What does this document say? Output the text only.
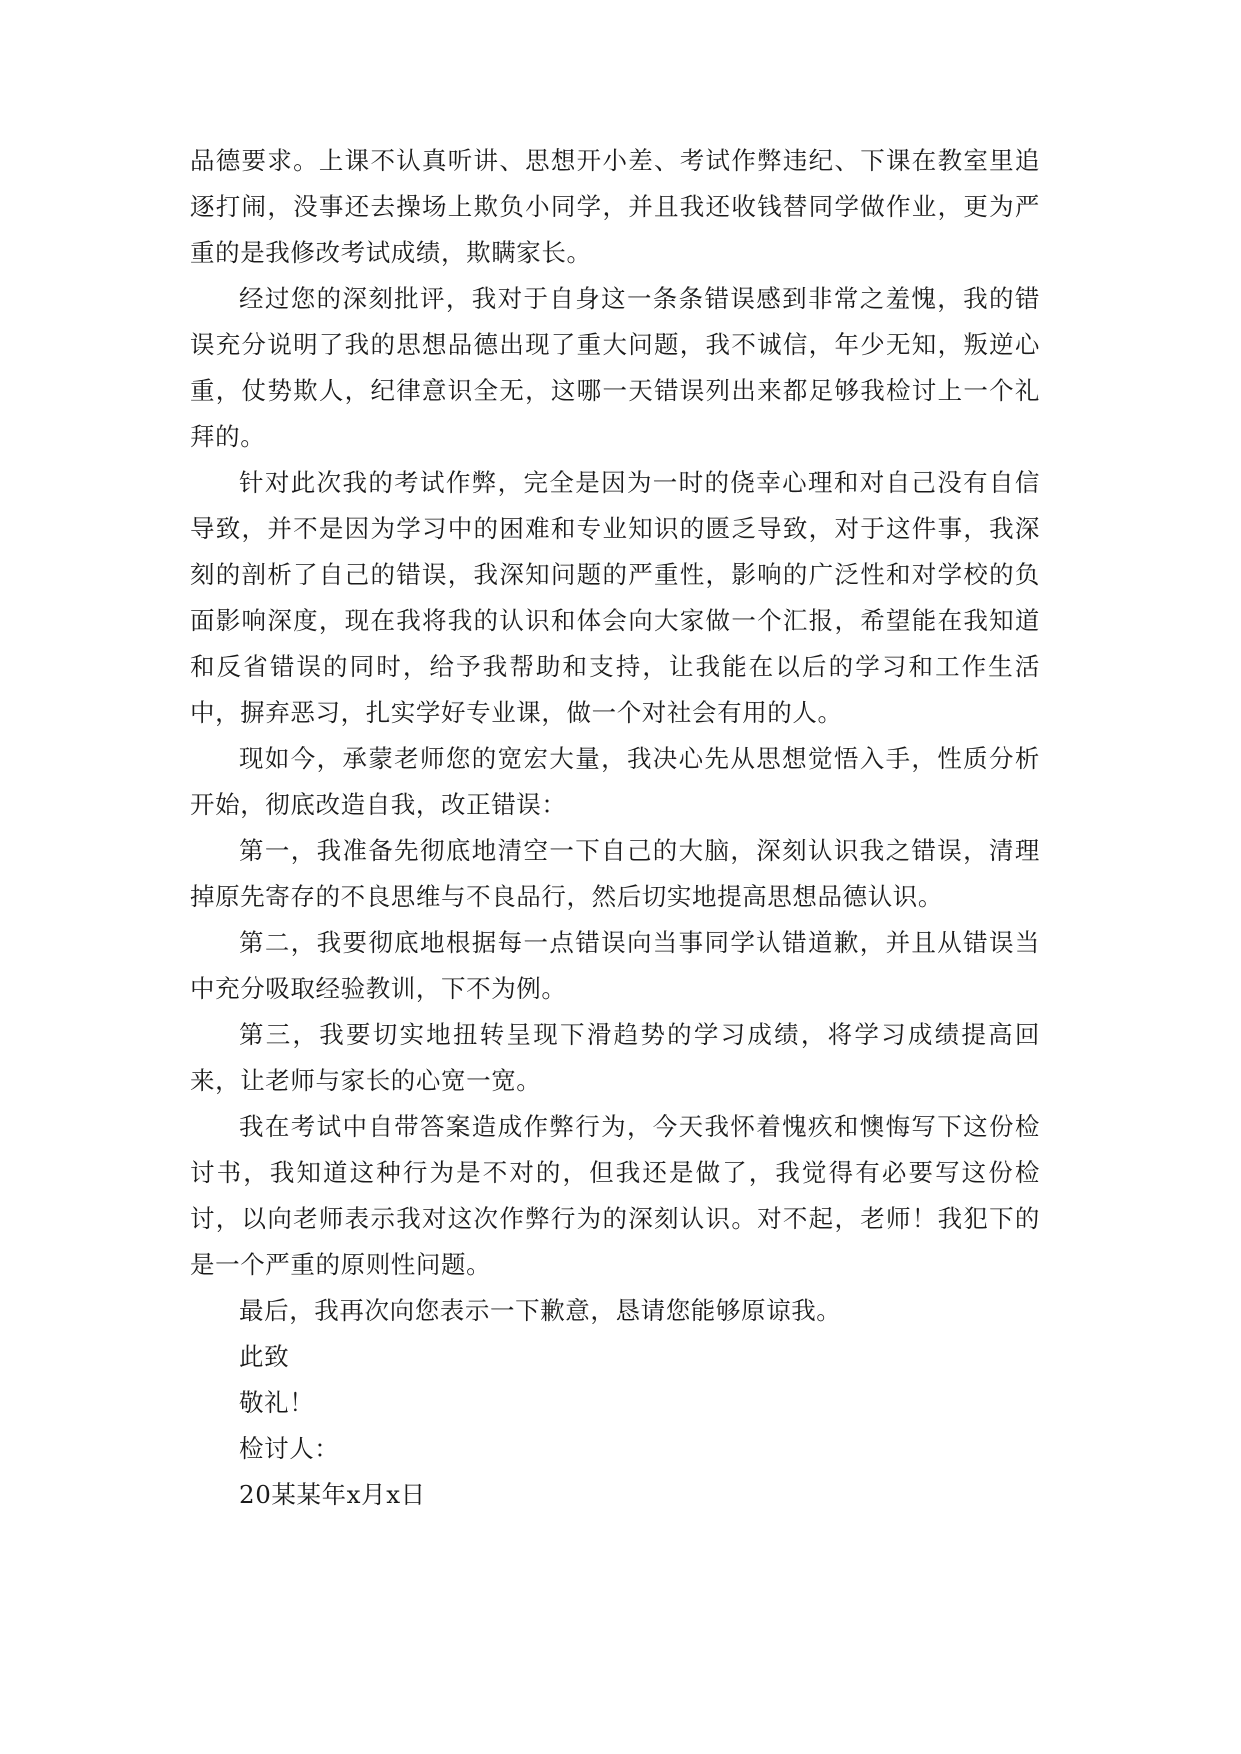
品德要求。上课不认真听讲、思想开小差、考试作弊违纪、下课在教室里追逐打闹，没事还去操场上欺负小同学，并且我还收钱替同学做作业，更为严重的是我修改考试成绩，欺瞒家长。

经过您的深刻批评，我对于自身这一条条错误感到非常之羞愧，我的错误充分说明了我的思想品德出现了重大问题，我不诚信，年少无知，叛逆心重，仗势欺人，纪律意识全无，这哪一天错误列出来都足够我检讨上一个礼拜的。

针对此次我的考试作弊，完全是因为一时的侥幸心理和对自己没有自信导致，并不是因为学习中的困难和专业知识的匮乏导致，对于这件事，我深刻的剖析了自己的错误，我深知问题的严重性，影响的广泛性和对学校的负面影响深度，现在我将我的认识和体会向大家做一个汇报，希望能在我知道和反省错误的同时，给予我帮助和支持，让我能在以后的学习和工作生活中，摒弃恶习，扎实学好专业课，做一个对社会有用的人。

现如今，承蒙老师您的宽宏大量，我决心先从思想觉悟入手，性质分析开始，彻底改造自我，改正错误：

第一，我准备先彻底地清空一下自己的大脑，深刻认识我之错误，清理掉原先寄存的不良思维与不良品行，然后切实地提高思想品德认识。

第二，我要彻底地根据每一点错误向当事同学认错道歉，并且从错误当中充分吸取经验教训，下不为例。

第三，我要切实地扭转呈现下滑趋势的学习成绩，将学习成绩提高回来，让老师与家长的心宽一宽。

我在考试中自带答案造成作弊行为，今天我怀着愧疚和懊悔写下这份检讨书，我知道这种行为是不对的，但我还是做了，我觉得有必要写这份检讨，以向老师表示我对这次作弊行为的深刻认识。对不起，老师！我犯下的是一个严重的原则性问题。

最后，我再次向您表示一下歉意，恳请您能够原谅我。

此致

敬礼！

检讨人：

20某某年x月x日
